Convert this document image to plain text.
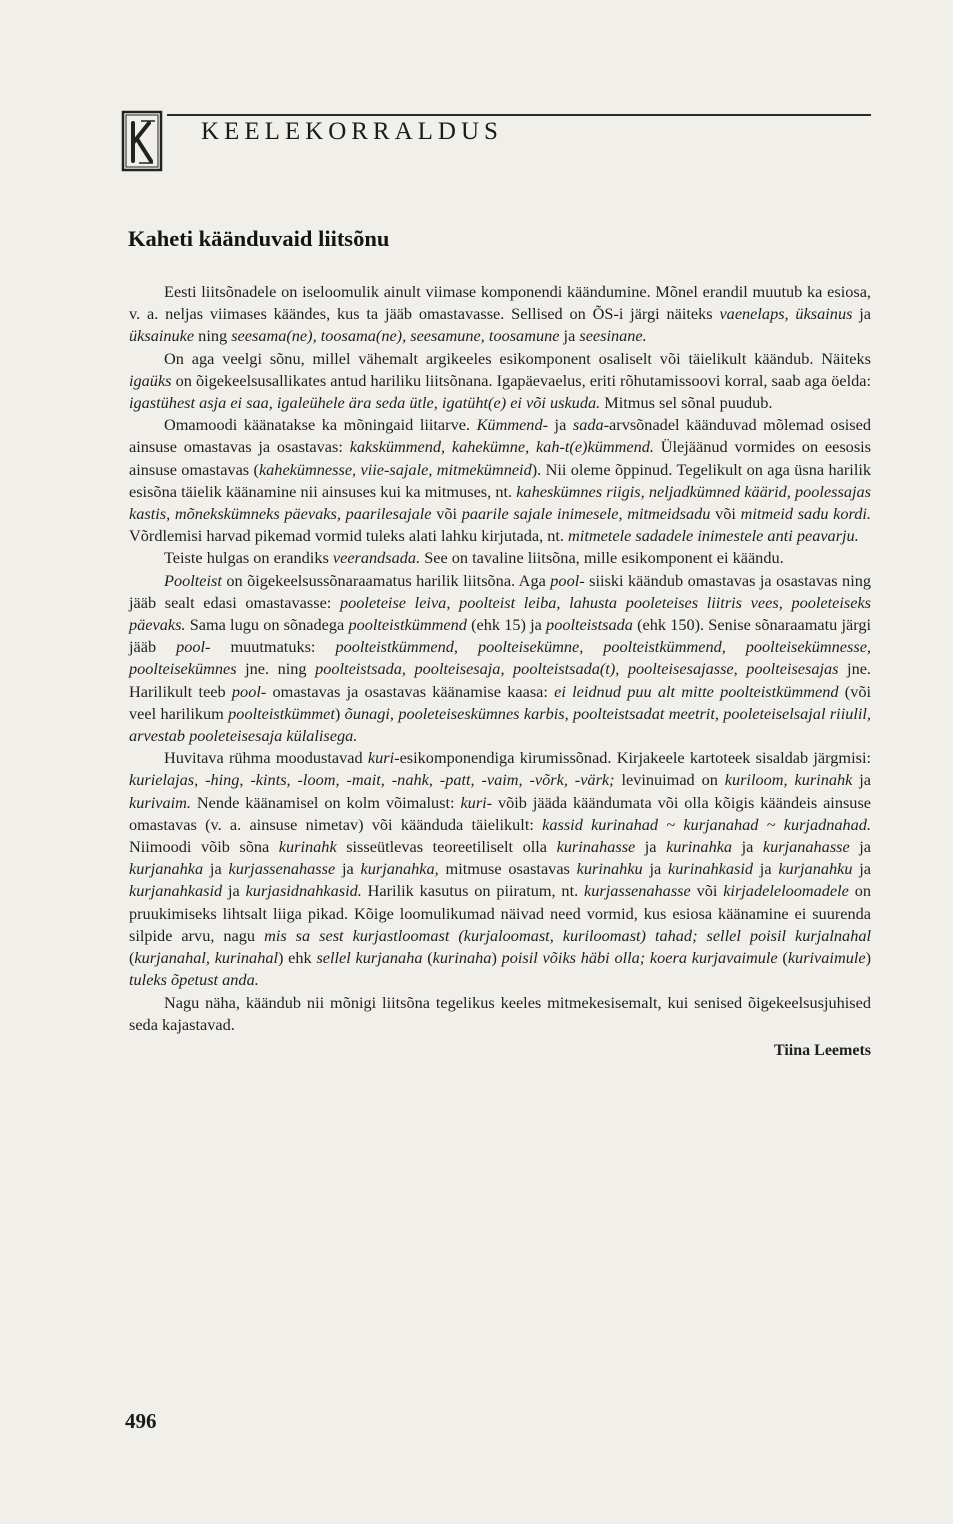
KEELEKORRALDUS
Kaheti käänduvaid liitsõnu

Eesti liitsõnadele on iseloomulik ainult viimase komponendi käändumine. Mõnel erandil muutub ka esiosa, v. a. neljas viimases käändes, kus ta jääb omastavasse. Sellised on ÕS-i järgi näiteks vaenelaps, üksainus ja üksainuke ning seesama(ne), toosama(ne), seesamune, toosamune ja seesinane.

On aga veelgi sõnu, millel vähemalt argikeeles esikomponent osaliselt või täielikult käändub. Näiteks igaüks on õigekeelsusallikates antud hariliku liitsõnana. Igapäevaelus, eriti rõhutamissoovi korral, saab aga öelda: igastühest asja ei saa, igaleühele ära seda ütle, igatüht(e) ei või uskuda. Mitmus sel sõnal puudub.

Omamoodi käänatakse ka mõningaid liitarve. Kümmend- ja sada-arvsõnadel käänduvad mõlemad osised ainsuse omastavas ja osastavas: kakskümmend, kahekümne, kah-t(e)kümmend. Ülejäänud vormides on eesosis ainsuse omastavas (kahekümnesse, viie-sajale, mitmekümneid). Nii oleme õppinud. Tegelikult on aga üsna harilik esisõna täielik käänamine nii ainsuses kui ka mitmuses, nt. kaheskümnes riigis, neljadkümned käärid, poolessajas kastis, mõnekskümneks päevaks, paarilesajale või paarile sajale inimesele, mitmeidsadu või mitmeid sadu kordi. Võrdlemisi harvad pikemad vormid tuleks alati lahku kirjutada, nt. mitmetele sadadele inimestele anti peavarju.

Teiste hulgas on erandiks veerandsada. See on tavaline liitsõna, mille esikomponent ei käändu.

Poolteist on õigekeelsussõnaraamatus harilik liitsõna. Aga pool- siiski käändub omastavas ja osastavas ning jääb sealt edasi omastavasse: pooleteise leiva, poolteist leiba, lahusta pooleteises liitris vees, pooleteiseks päevaks. Sama lugu on sõnadega poolteistkümmend (ehk 15) ja poolteistsada (ehk 150). Senise sõnaraamatu järgi jääb pool- muutmatuks: poolteistkümmend, poolteisekümne, poolteistkümmend, poolteisekümnesse, poolteisekümnes jne. ning poolteistsada, poolteisesaja, poolteistsada(t), poolteisesajasse, poolteisesajas jne. Harilikult teeb pool- omastavas ja osastavas käänamise kaasa: ei leidnud puu alt mitte poolteistkümmend (või veel harilikum poolteistkümmet) õunagi, pooleteiseskümnes karbis, poolteistsadat meetrit, pooleteiselsajal riiulil, arvestab pooleteisesaja külalisega.

Huvitava rühma moodustavad kuri-esikomponendiga kirumissõnad. Kirjakeele kartoteek sisaldab järgmisi: kurielajas, -hing, -kints, -loom, -mait, -nahk, -patt, -vaim, -võrk, -värk; levinuimad on kuriloom, kurinahk ja kurivaim. Nende käänamisel on kolm võimalust: kuri- võib jääda käändumata või olla kõigis käändeis ainsuse omastavas (v. a. ainsuse nimetav) või käänduda täielikult: kassid kurinahad ~ kurjanahad ~ kurjadnahad. Niimoodi võib sõna kurinahk sisseütlevas teoreetiliselt olla kurinahasse ja kurinahka ja kurjanahasse ja kurjanahka ja kurjassenahasse ja kurjanahka, mitmuse osastavas kurinahku ja kurinahkasid ja kurjanahku ja kurjanahkasid ja kurjasidnahkasid. Harilik kasutus on piiratum, nt. kurjassenahasse või kirjadeleloomadele on pruukimiseks lihtsalt liiga pikad. Kõige loomulikumad näivad need vormid, kus esiosa käänamine ei suurenda silpide arvu, nagu mis sa sest kurjastloomast (kurjaloomast, kuriloomast) tahad; sellel poisil kurjalnahal (kurjanahal, kurinahal) ehk sellel kurjanaha (kurinaha) poisil võiks häbi olla; koera kurjavaimule (kurivaimule) tuleks õpetust anda.

Nagu näha, käändub nii mõnigi liitsõna tegelikus keeles mitmekesisemalt, kui senised õigekeelsusjuhised seda kajastavad.

Tiina Leemets
496
